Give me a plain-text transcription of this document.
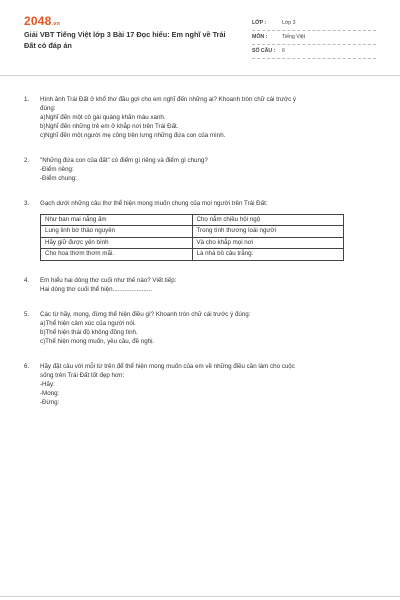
2048.vn
Giải VBT Tiếng Việt lớp 3 Bài 17 Đọc hiểu: Em nghĩ về Trái Đất có đáp án
LỚP :	Lớp 3
MÔN :	Tiếng Việt
SỐ CÂU :	6
1.	Hình ảnh Trái Đất ở khổ thơ đầu gợi cho em nghĩ đến những ai? Khoanh tròn chữ cái trước ý
đúng:
a)Nghĩ đến một cô gái quàng khăn màu xanh.
b)Nghĩ đến những trẻ em ở khắp nơi trên Trái Đất.
c)Nghĩ đến một người mẹ công trên lưng những đứa con của mình.
2.	"Những đứa con của đất" có điểm gì riêng và điểm gì chung?
-Điểm riêng:
-Điểm chung:
3.	Gạch dưới những câu thơ thể hiện mong muốn chung của mọi người trên Trái Đất:
Như ban mai nắng ấm	Cho nắm chiều hội ngộ
Lung linh bờ thảo nguyên	Trong tình thương loài người
Hãy giữ được yên bình	Và cho khắp mọi nơi
Cho hoa thơm thơm mãi.	Là nhà bồ câu trắng.
4.	Em hiểu hai dòng thơ cuối như thế nào? Viết tiếp:
Hai dòng thơ cuối thể hiện.......................
5.	Các từ hãy, mong, đừng thể hiện điều gì? Khoanh tròn chữ cái trước ý đúng:
a)Thể hiện cảm xúc của người nói.
b)Thể hiện thái độ không đồng tình.
c)Thể hiện mong muốn, yêu cầu, đề nghị.
6.	Hãy đặt câu với mỗi từ trên để thể hiện mong muốn của em về những điều cần làm cho cuộc
sống trên Trái Đất tốt đẹp hơn:
-Hãy:
-Mong:
-Đừng:
